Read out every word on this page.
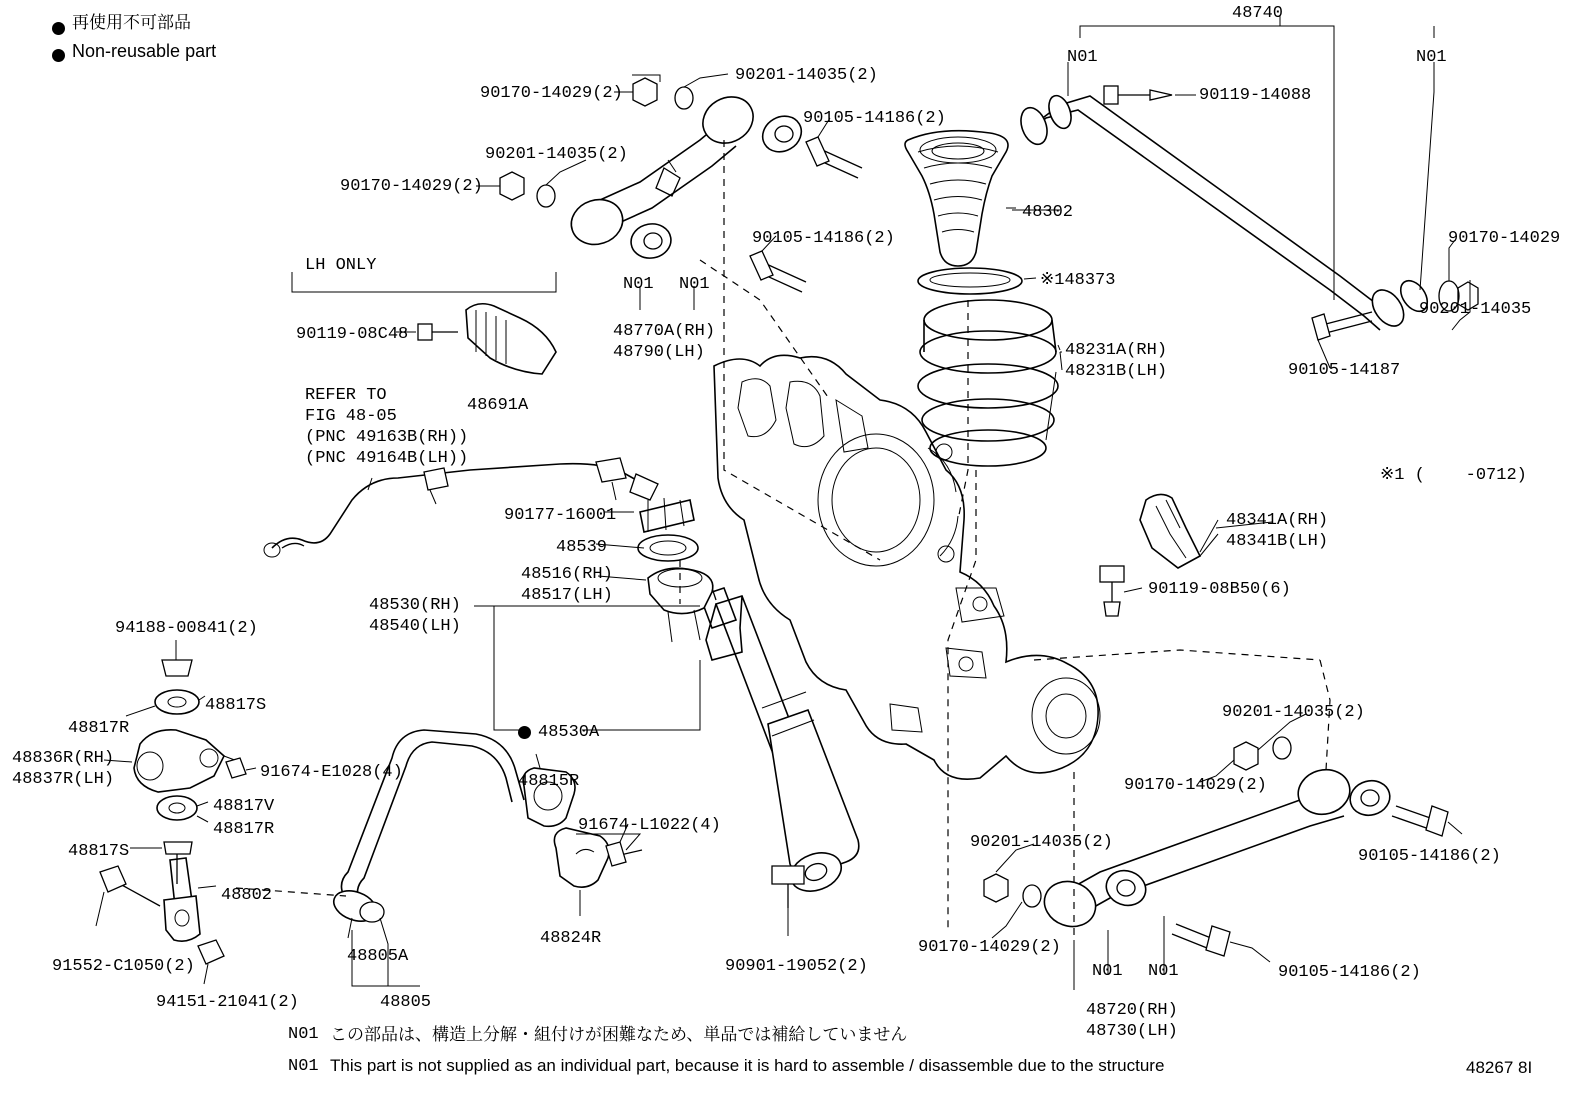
再使用不可部品
Non-reusable part
48740
N01	N01
90119-14088
90201-14035(2)
90170-14029(2)
90105-14186(2)
90201-14035(2)
90170-14029(2)
48302
90170-14029
90105-14186(2)
※148373
N01 N01
LH ONLY
90201-14035
48770A(RH)
48790(LH)
90119-08C48
48231A(RH)
48231B(LH)	90105-14187
REFER TO
48691A
FIG 48-05
(PNC 49163B(RH))
(PNC 49164B(LH))
※1 (    -0712)
90177-16001	48341A(RH)
48341B(LH)
48539
48516(RH)
48517(LH)	90119-08B50(6)
48530(RH)
48540(LH)
94188-00841(2)
48817S
48817R
90201-14035(2)
48530A
48836R(RH)
48837R(LH)	91674-E1028(4)
90170-14029(2)
48815R
48817V
91674-L1022(4)
48817R
48817S	90105-14186(2)
90201-14035(2)
48802
48824R
48805A
91552-C1050(2)
90170-14029(2)
90901-19052(2)	90105-14186(2)
N01 N01
94151-21041(2)	48805	48720(RH)
48730(LH)
N01 この部品は、構造上分解・組付けが困難なため、単品では補給していません
N01 This part is not supplied as an individual part, because it is hard to assemble / disassemble due to the structure	48267 8I
